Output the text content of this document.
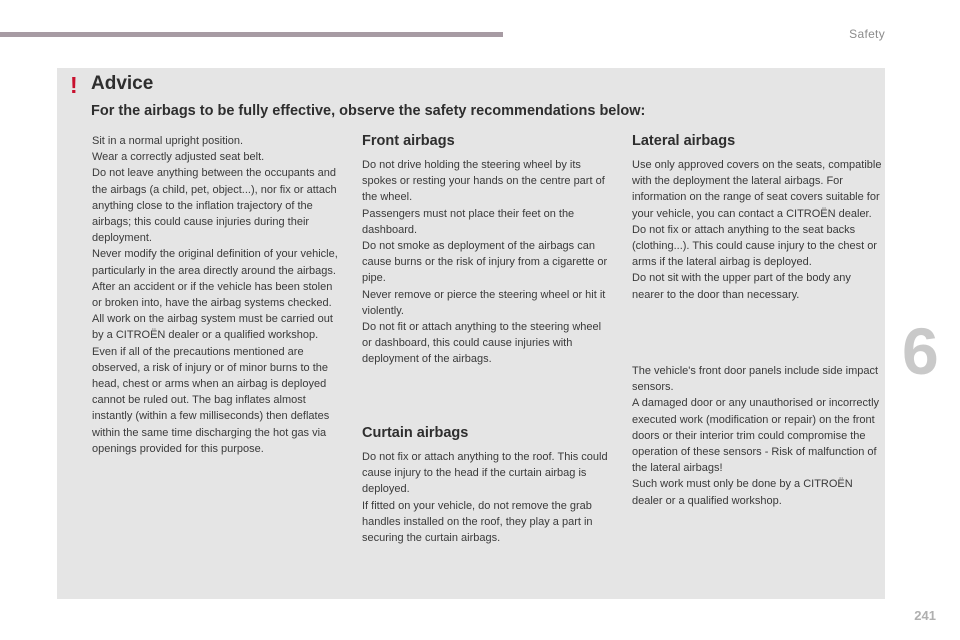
Safety
6
241
! Advice
For the airbags to be fully effective, observe the safety recommendations below:

Sit in a normal upright position.

Wear a correctly adjusted seat belt.

Do not leave anything between the occupants and the airbags (a child, pet, object...), nor fix or attach anything close to the inflation trajectory of the airbags; this could cause injuries during their deployment.

Never modify the original definition of your vehicle, particularly in the area directly around the airbags.

After an accident or if the vehicle has been stolen or broken into, have the airbag systems checked.

All work on the airbag system must be carried out by a CITROËN dealer or a qualified workshop.

Even if all of the precautions mentioned are observed, a risk of injury or of minor burns to the head, chest or arms when an airbag is deployed cannot be ruled out. The bag inflates almost instantly (within a few milliseconds) then deflates within the same time discharging the hot gas via openings provided for this purpose.

Front airbags

Do not drive holding the steering wheel by its spokes or resting your hands on the centre part of the wheel.

Passengers must not place their feet on the dashboard.

Do not smoke as deployment of the airbags can cause burns or the risk of injury from a cigarette or pipe.

Never remove or pierce the steering wheel or hit it violently.

Do not fit or attach anything to the steering wheel or dashboard, this could cause injuries with deployment of the airbags.

Curtain airbags

Do not fix or attach anything to the roof. This could cause injury to the head if the curtain airbag is deployed.

If fitted on your vehicle, do not remove the grab handles installed on the roof, they play a part in securing the curtain airbags.

Lateral airbags

Use only approved covers on the seats, compatible with the deployment the lateral airbags. For information on the range of seat covers suitable for your vehicle, you can contact a CITROËN dealer.

Do not fix or attach anything to the seat backs (clothing...). This could cause injury to the chest or arms if the lateral airbag is deployed.

Do not sit with the upper part of the body any nearer to the door than necessary.

The vehicle's front door panels include side impact sensors.

A damaged door or any unauthorised or incorrectly executed work (modification or repair) on the front doors or their interior trim could compromise the operation of these sensors - Risk of malfunction of the lateral airbags!

Such work must only be done by a CITROËN dealer or a qualified workshop.
